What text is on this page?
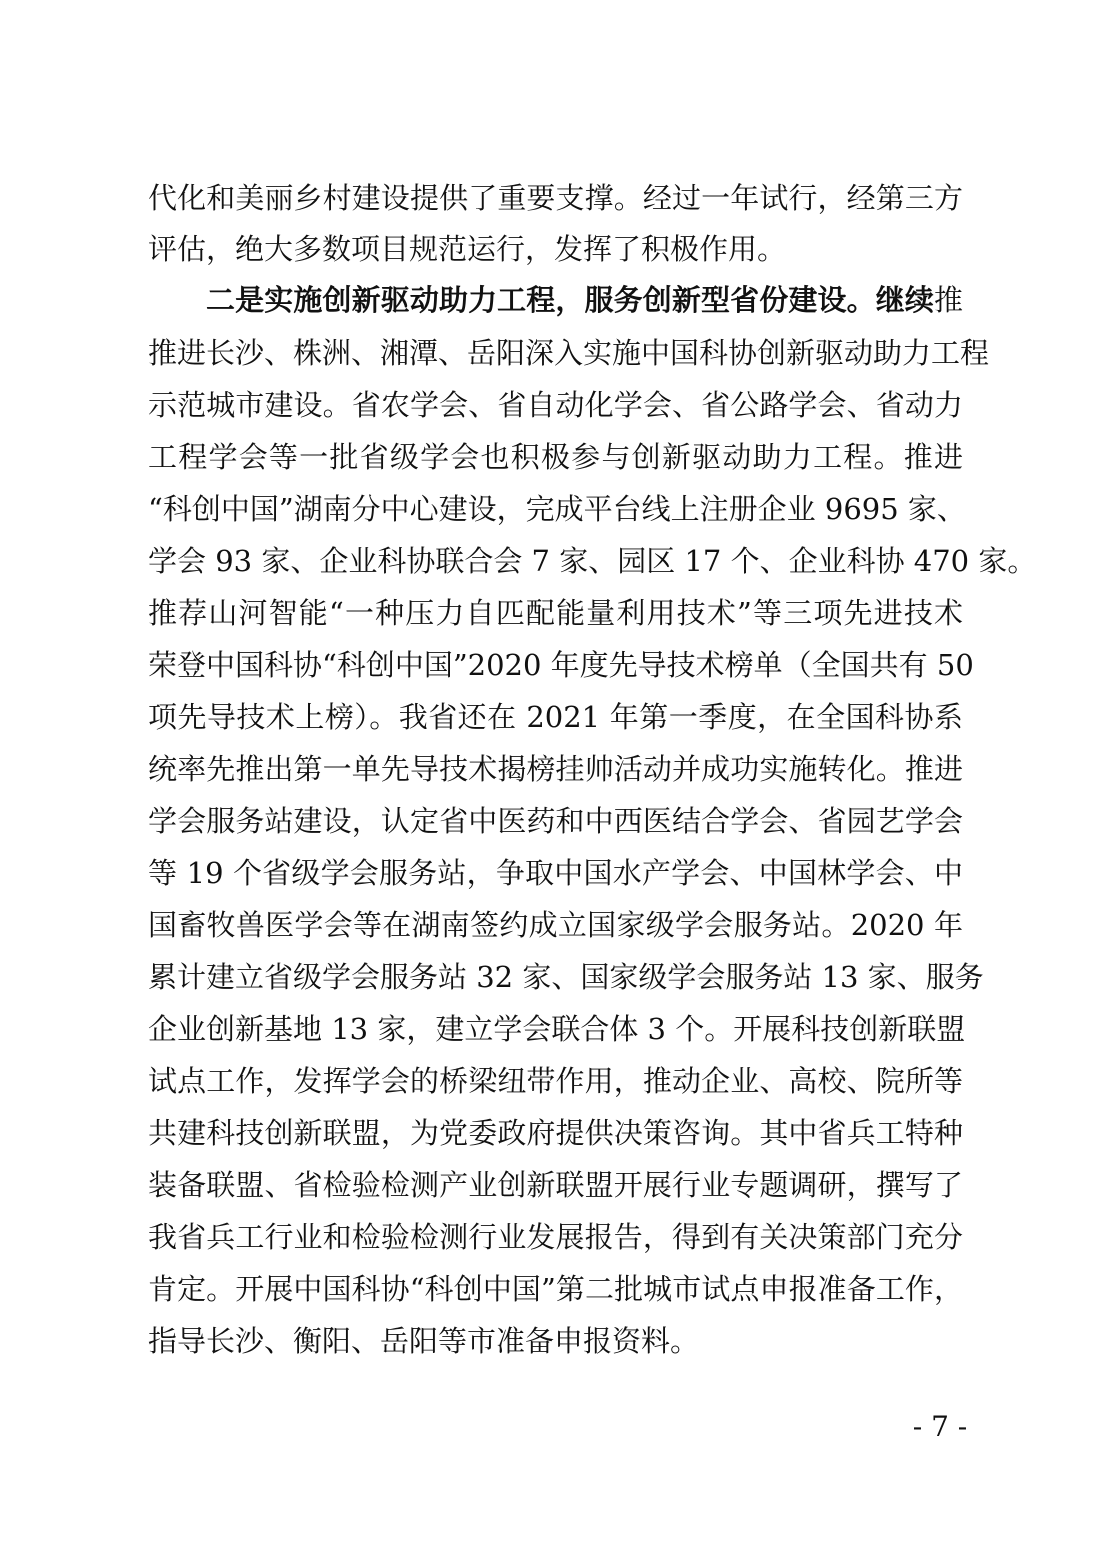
代化和美丽乡村建设提供了重要支撑。经过一年试行，经第三方
评估，绝大多数项目规范运行，发挥了积极作用。
二是实施创新驱动助力工程，服务创新型省份建设。继续推
推进长沙、株洲、湘潭、岳阳深入实施中国科协创新驱动助力工程
示范城市建设。省农学会、省自动化学会、省公路学会、省动力
工程学会等一批省级学会也积极参与创新驱动助力工程。推进
“科创中国”湖南分中心建设，完成平台线上注册企业 9695 家、
学会 93 家、企业科协联合会 7 家、园区 17 个、企业科协 470 家。
推荐山河智能“一种压力自匹配能量利用技术”等三项先进技术
荣登中国科协“科创中国”2020 年度先导技术榜单（全国共有 50
项先导技术上榜）。我省还在 2021 年第一季度，在全国科协系
统率先推出第一单先导技术揭榜挂帅活动并成功实施转化。推进
学会服务站建设，认定省中医药和中西医结合学会、省园艺学会
等 19 个省级学会服务站，争取中国水产学会、中国林学会、中
国畜牧兽医学会等在湖南签约成立国家级学会服务站。2020 年
累计建立省级学会服务站 32 家、国家级学会服务站 13 家、服务
企业创新基地 13 家，建立学会联合体 3 个。开展科技创新联盟
试点工作，发挥学会的桥梁纽带作用，推动企业、高校、院所等
共建科技创新联盟，为党委政府提供决策咨询。其中省兵工特种
装备联盟、省检验检测产业创新联盟开展行业专题调研，撰写了
我省兵工行业和检验检测行业发展报告，得到有关决策部门充分
肯定。开展中国科协“科创中国”第二批城市试点申报准备工作，
指导长沙、衡阳、岳阳等市准备申报资料。
- 7 -
